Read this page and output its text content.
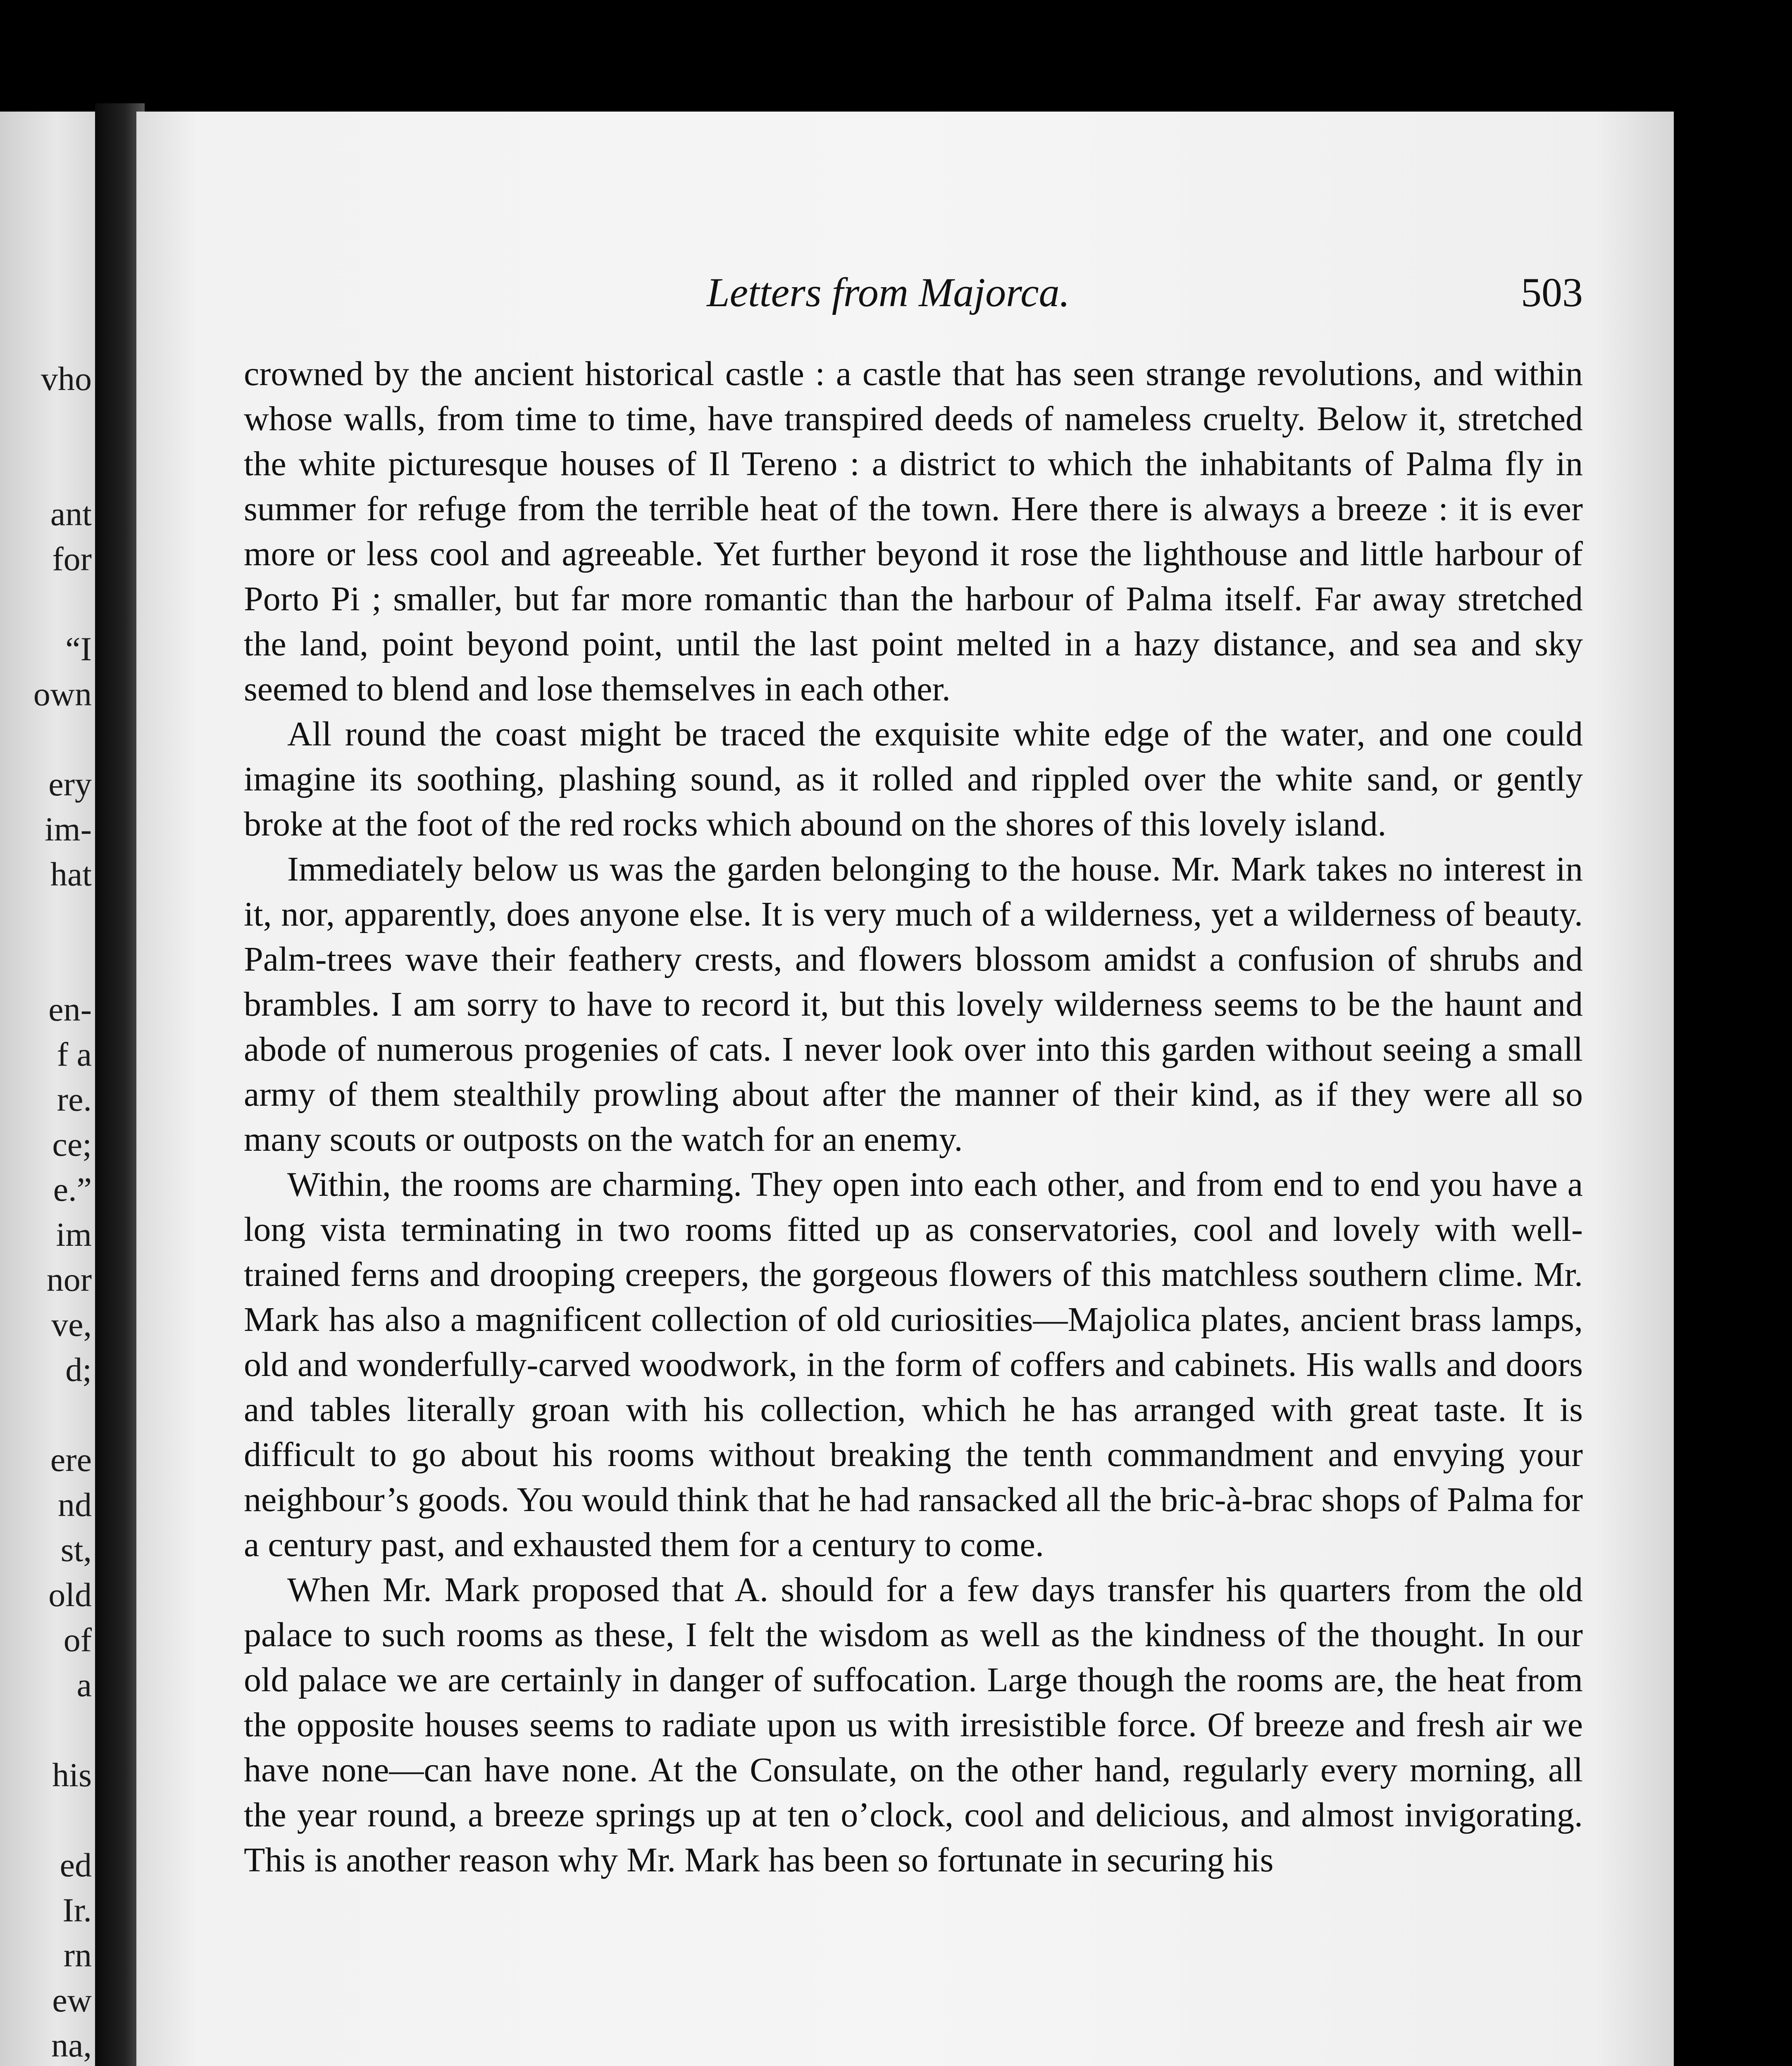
vho
ant
for
“I
own
ery
im-
hat
en-
f a
re.
ce;
e.”
im
nor
ve,
d;
ere
nd
st,
old
of
a
his
ed
Ir.
rn
ew
na,
Letters from Majorca.	503

crowned by the ancient historical castle : a castle that has seen strange revolutions, and within whose walls, from time to time, have transpired deeds of nameless cruelty. Below it, stretched the white picturesque houses of Il Tereno : a district to which the inhabitants of Palma fly in summer for refuge from the terrible heat of the town. Here there is always a breeze : it is ever more or less cool and agreeable. Yet further beyond it rose the lighthouse and little harbour of Porto Pi ; smaller, but far more romantic than the harbour of Palma itself. Far away stretched the land, point beyond point, until the last point melted in a hazy distance, and sea and sky seemed to blend and lose themselves in each other.

All round the coast might be traced the exquisite white edge of the water, and one could imagine its soothing, plashing sound, as it rolled and rippled over the white sand, or gently broke at the foot of the red rocks which abound on the shores of this lovely island.

Immediately below us was the garden belonging to the house. Mr. Mark takes no interest in it, nor, apparently, does anyone else. It is very much of a wilderness, yet a wilderness of beauty. Palm-trees wave their feathery crests, and flowers blossom amidst a confusion of shrubs and brambles. I am sorry to have to record it, but this lovely wilderness seems to be the haunt and abode of numerous progenies of cats. I never look over into this garden without seeing a small army of them stealthily prowling about after the manner of their kind, as if they were all so many scouts or outposts on the watch for an enemy.

Within, the rooms are charming. They open into each other, and from end to end you have a long vista terminating in two rooms fitted up as conservatories, cool and lovely with well-trained ferns and drooping creepers, the gorgeous flowers of this matchless southern clime. Mr. Mark has also a magnificent collection of old curiosities—Majolica plates, ancient brass lamps, old and wonderfully-carved woodwork, in the form of coffers and cabinets. His walls and doors and tables literally groan with his collection, which he has arranged with great taste. It is difficult to go about his rooms without breaking the tenth commandment and envying your neighbour’s goods. You would think that he had ransacked all the bric-à-brac shops of Palma for a century past, and exhausted them for a century to come.

When Mr. Mark proposed that A. should for a few days transfer his quarters from the old palace to such rooms as these, I felt the wisdom as well as the kindness of the thought. In our old palace we are certainly in danger of suffocation. Large though the rooms are, the heat from the opposite houses seems to radiate upon us with irresistible force. Of breeze and fresh air we have none—can have none. At the Consulate, on the other hand, regularly every morning, all the year round, a breeze springs up at ten o’clock, cool and delicious, and almost invigorating. This is another reason why Mr. Mark has been so fortunate in securing his
